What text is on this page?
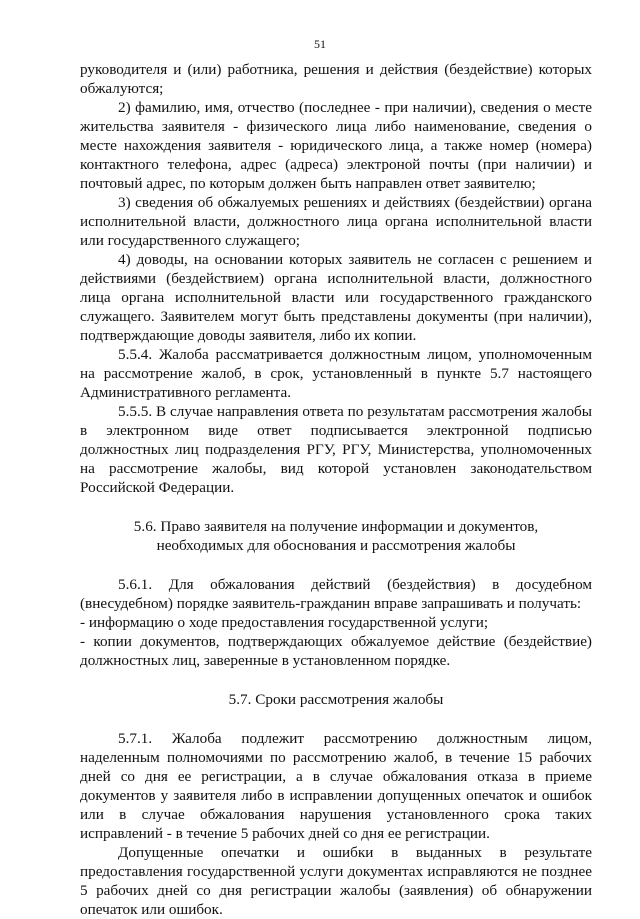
51

руководителя и (или) работника, решения и действия (бездействие) которых обжалуются;

2) фамилию, имя, отчество (последнее - при наличии), сведения о месте жительства заявителя - физического лица либо наименование, сведения о месте нахождения заявителя - юридического лица, а также номер (номера) контактного телефона, адрес (адреса) электроной почты (при наличии) и почтовый адрес, по которым должен быть направлен ответ заявителю;

3) сведения об обжалуемых решениях и действиях (бездействии) органа исполнительной власти, должностного лица органа исполнительной власти или государственного служащего;

4) доводы, на основании которых заявитель не согласен с решением и действиями (бездействием) органа исполнительной власти, должностного лица органа исполнительной власти или государственного гражданского служащего. Заявителем могут быть представлены документы (при наличии), подтверждающие доводы заявителя, либо их копии.

5.5.4. Жалоба рассматривается должностным лицом, уполномоченным на рассмотрение жалоб, в срок, установленный в пункте 5.7 настоящего Административного регламента.

5.5.5. В случае направления ответа по результатам рассмотрения жалобы в электронном виде ответ подписывается электронной подписью должностных лиц подразделения РГУ, РГУ, Министерства, уполномоченных на рассмотрение жалобы, вид которой установлен законодательством Российской Федерации.

5.6. Право заявителя на получение информации и документов, необходимых для обоснования и рассмотрения жалобы

5.6.1. Для обжалования действий (бездействия) в досудебном (внесудебном) порядке заявитель-гражданин вправе запрашивать и получать:

- информацию о ходе предоставления государственной услуги;

- копии документов, подтверждающих обжалуемое действие (бездействие) должностных лиц, заверенные в установленном порядке.

5.7. Сроки рассмотрения жалобы

5.7.1. Жалоба подлежит рассмотрению должностным лицом, наделенным полномочиями по рассмотрению жалоб, в течение 15 рабочих дней со дня ее регистрации, а в случае обжалования отказа в приеме документов у заявителя либо в исправлении допущенных опечаток и ошибок или в случае обжалования нарушения установленного срока таких исправлений - в течение 5 рабочих дней со дня ее регистрации.

Допущенные опечатки и ошибки в выданных в результате предоставления государственной услуги документах исправляются не позднее 5 рабочих дней со дня регистрации жалобы (заявления) об обнаружении опечаток или ошибок.
